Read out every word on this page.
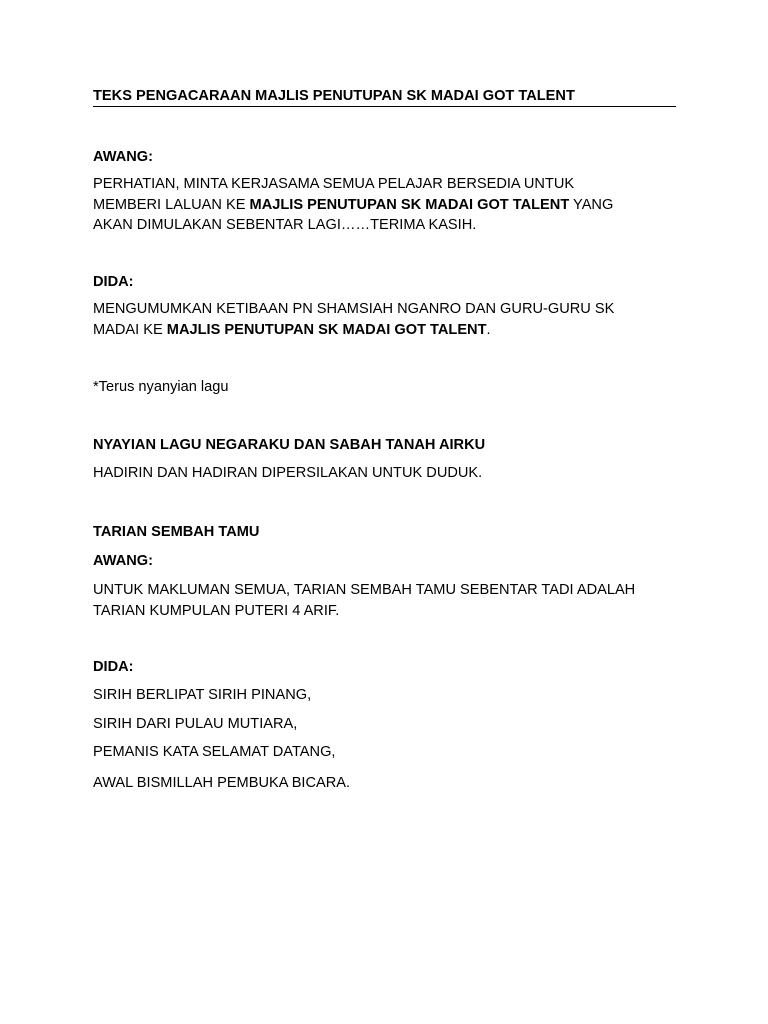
TEKS PENGACARAAN MAJLIS PENUTUPAN SK MADAI GOT TALENT

AWANG:

PERHATIAN, MINTA KERJASAMA SEMUA PELAJAR BERSEDIA UNTUK
MEMBERI LALUAN KE MAJLIS PENUTUPAN SK MADAI GOT TALENT YANG
AKAN DIMULAKAN SEBENTAR LAGI……TERIMA KASIH.

DIDA:

MENGUMUMKAN KETIBAAN PN SHAMSIAH NGANRO DAN GURU-GURU SK
MADAI KE MAJLIS PENUTUPAN SK MADAI GOT TALENT.

*Terus nyanyian lagu

NYAYIAN LAGU NEGARAKU DAN SABAH TANAH AIRKU

HADIRIN DAN HADIRAN DIPERSILAKAN UNTUK DUDUK.

TARIAN SEMBAH TAMU

AWANG:

UNTUK MAKLUMAN SEMUA, TARIAN SEMBAH TAMU SEBENTAR TADI ADALAH
TARIAN KUMPULAN PUTERI 4 ARIF.

DIDA:

SIRIH BERLIPAT SIRIH PINANG,

SIRIH DARI PULAU MUTIARA,

PEMANIS KATA SELAMAT DATANG,

AWAL BISMILLAH PEMBUKA BICARA.
